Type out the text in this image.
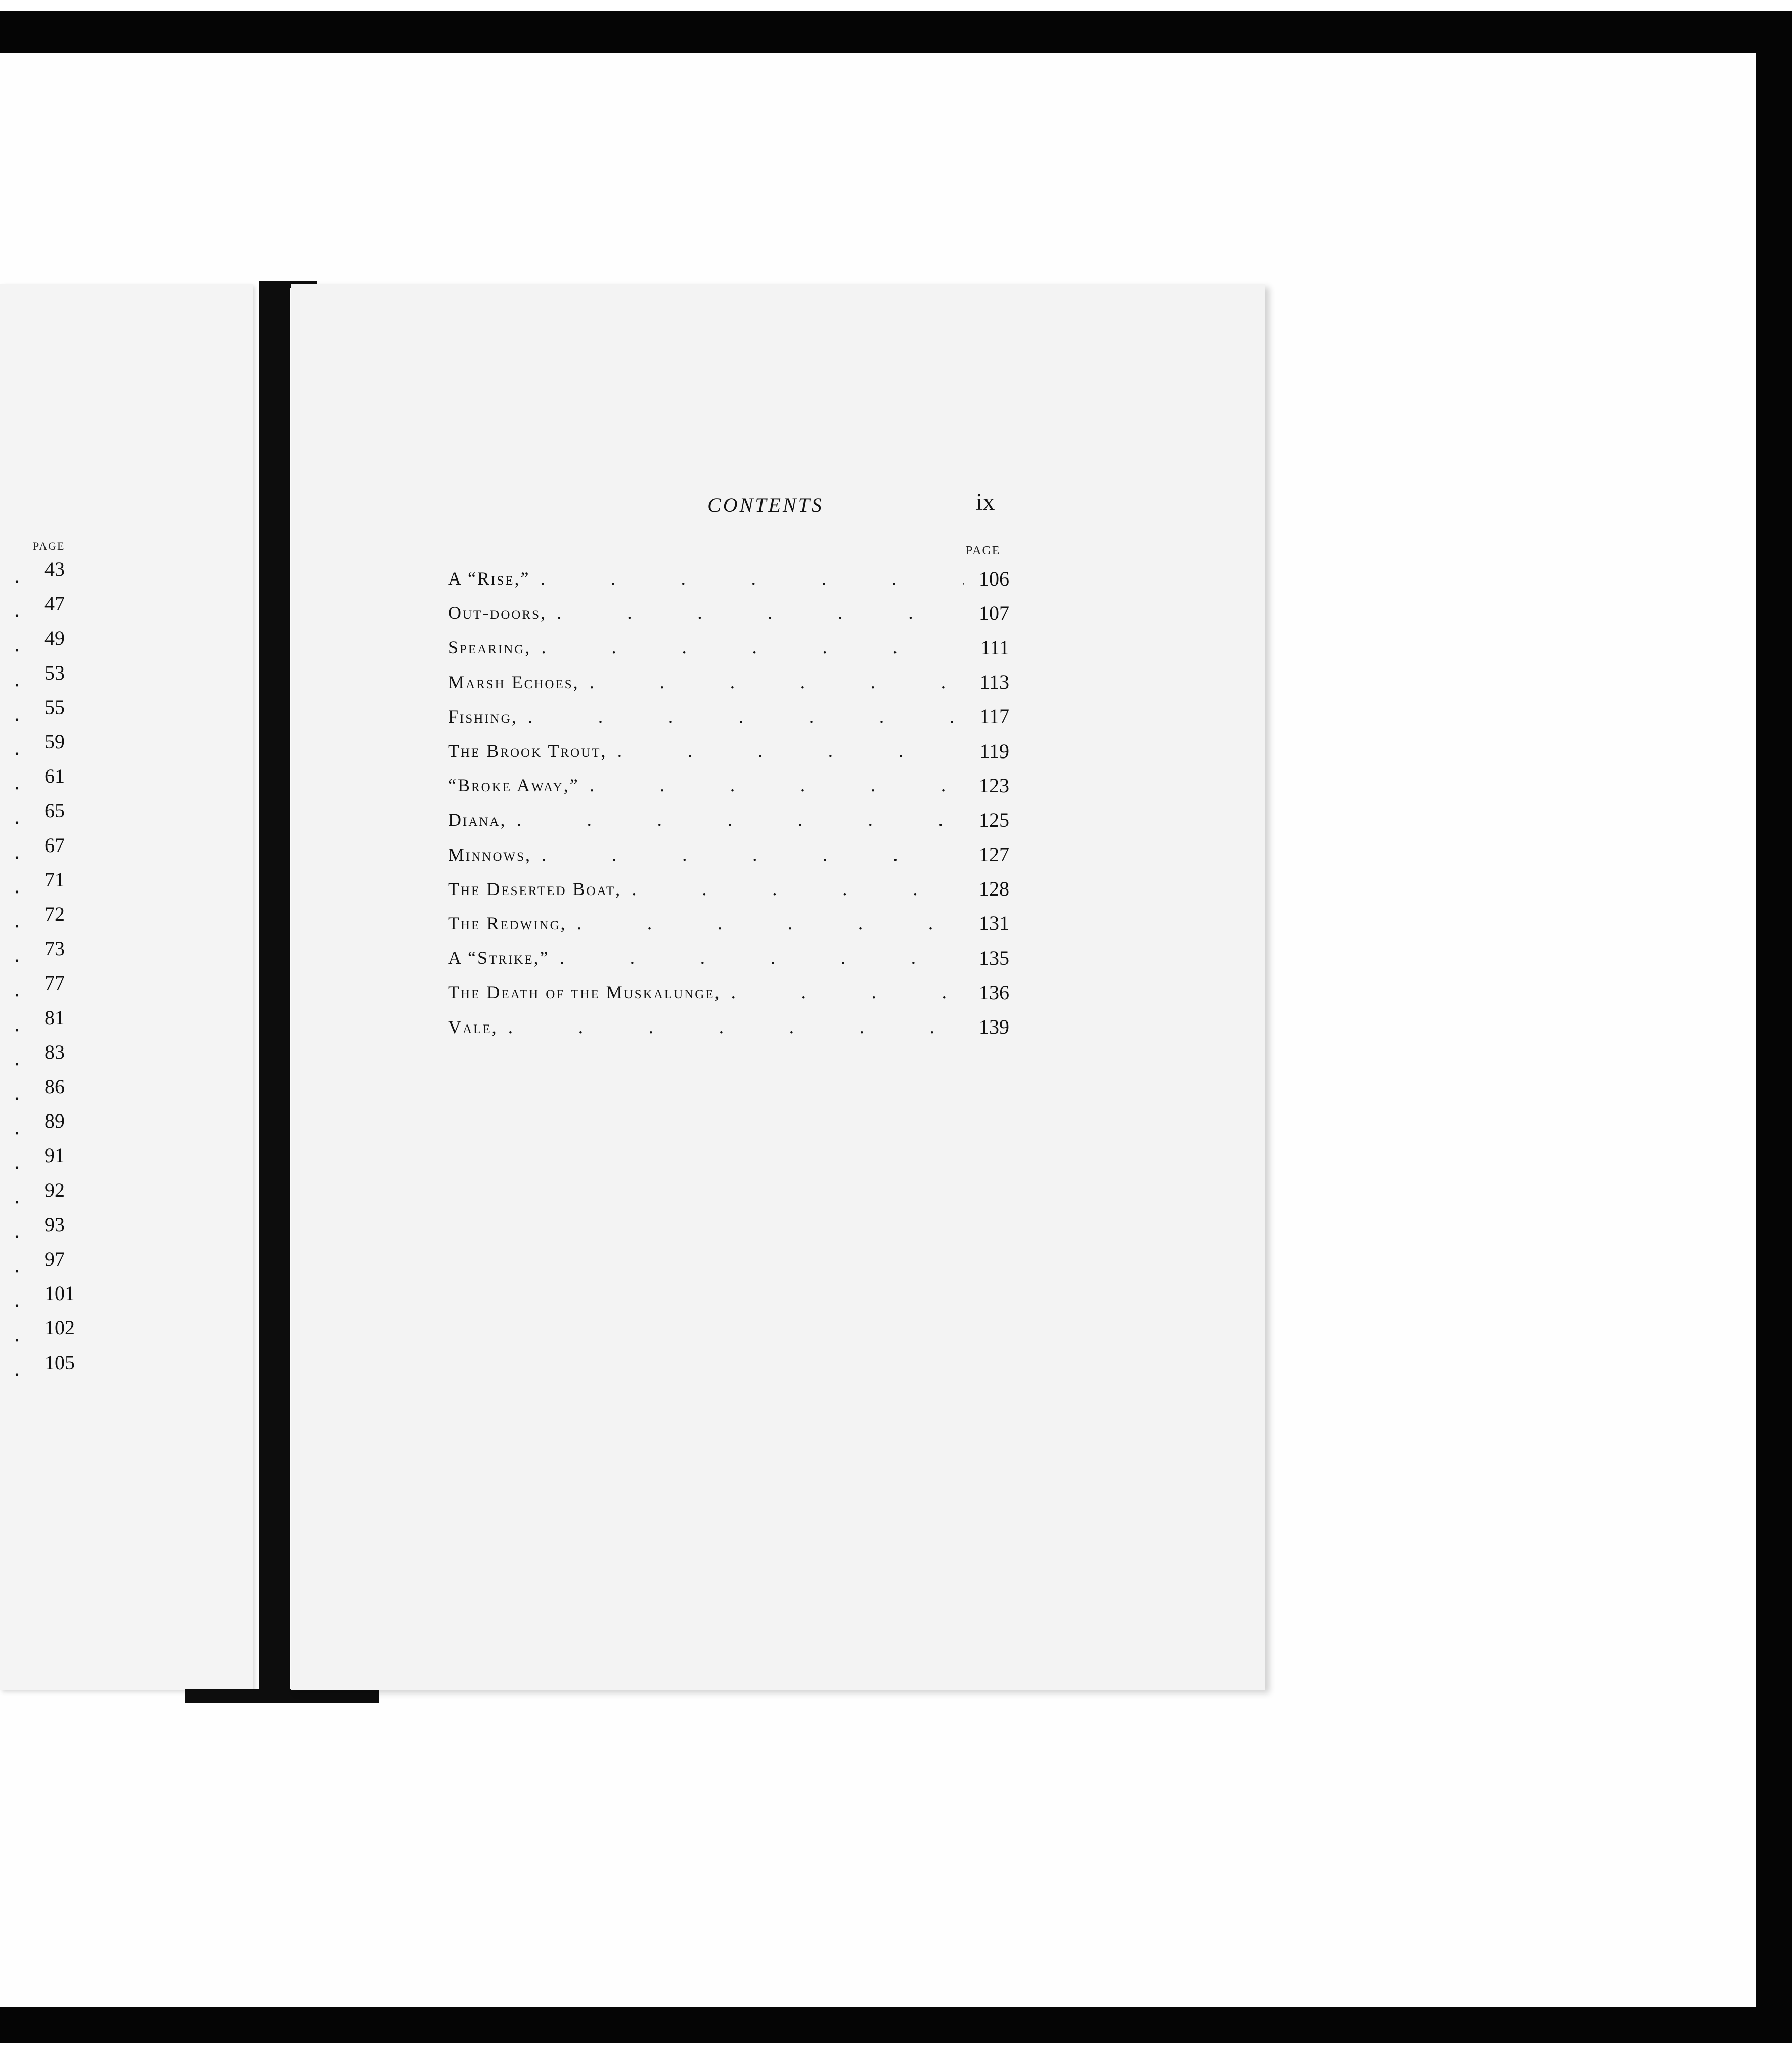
PAGE
. 43
. 47
. 49
. 53
. 55
. 59
. 61
. 65
. 67
. 71
. 72
. 73
. 77
. 81
. 83
. 86
. 89
. 91
. 92
. 93
. 97
. 101
. 102
. 105
CONTENTS	ix
PAGE
A “Rise,” . . .	106
Out-doors, . . .	107
Spearing, . . .	111
Marsh Echoes, . . .	113
Fishing, . . .	117
The Brook Trout, . . .	119
“Broke Away,” . . .	123
Diana, . . .	125
Minnows, . . .	127
The Deserted Boat, . . .	128
The Redwing, . . .	131
A “Strike,” . . .	135
The Death of the Muskalunge, . . .	136
Vale, . . .	139
